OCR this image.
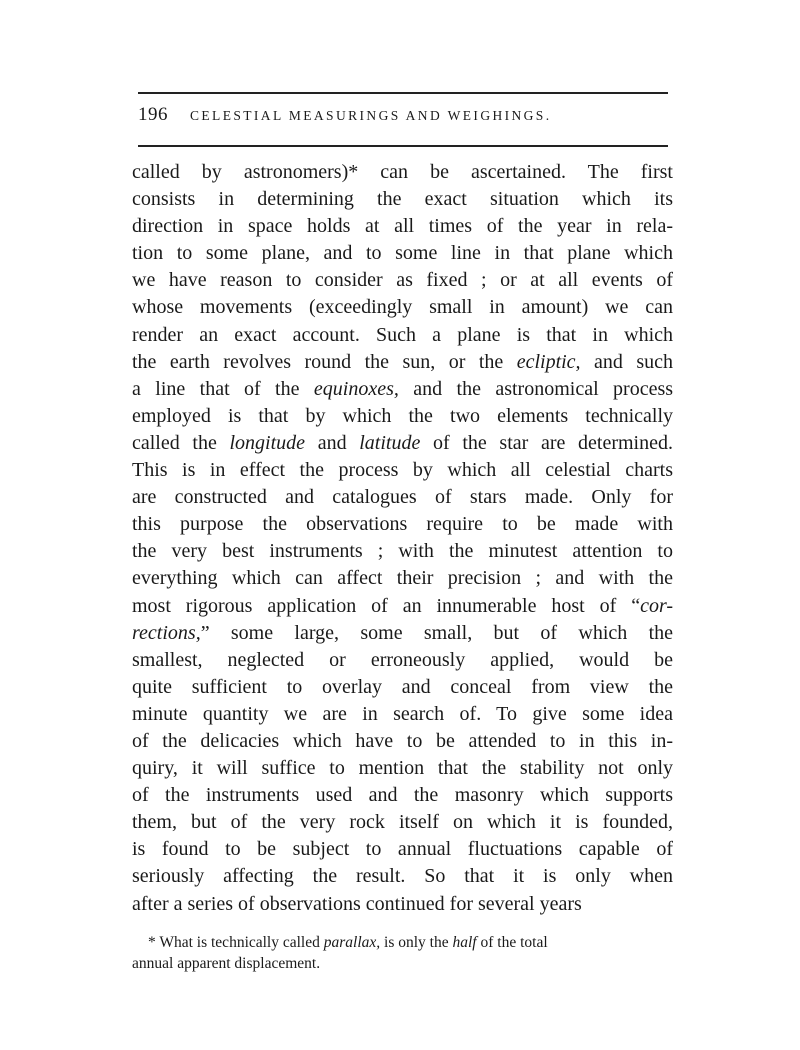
196 CELESTIAL MEASURINGS AND WEIGHINGS.
called by astronomers)* can be ascertained. The first
consists in determining the exact situation which its
direction in space holds at all times of the year in rela-
tion to some plane, and to some line in that plane which
we have reason to consider as fixed ; or at all events of
whose movements (exceedingly small in amount) we can
render an exact account. Such a plane is that in which
the earth revolves round the sun, or the ecliptic, and such
a line that of the equinoxes, and the astronomical process
employed is that by which the two elements technically
called the longitude and latitude of the star are determined.
This is in effect the process by which all celestial charts
are constructed and catalogues of stars made. Only for
this purpose the observations require to be made with
the very best instruments ; with the minutest attention to
everything which can affect their precision ; and with the
most rigorous application of an innumerable host of “cor-
rections,” some large, some small, but of which the
smallest, neglected or erroneously applied, would be
quite sufficient to overlay and conceal from view the
minute quantity we are in search of. To give some idea
of the delicacies which have to be attended to in this in-
quiry, it will suffice to mention that the stability not only
of the instruments used and the masonry which supports
them, but of the very rock itself on which it is founded,
is found to be subject to annual fluctuations capable of
seriously affecting the result. So that it is only when
after a series of observations continued for several years
* What is technically called parallax, is only the half of the total
annual apparent displacement.
